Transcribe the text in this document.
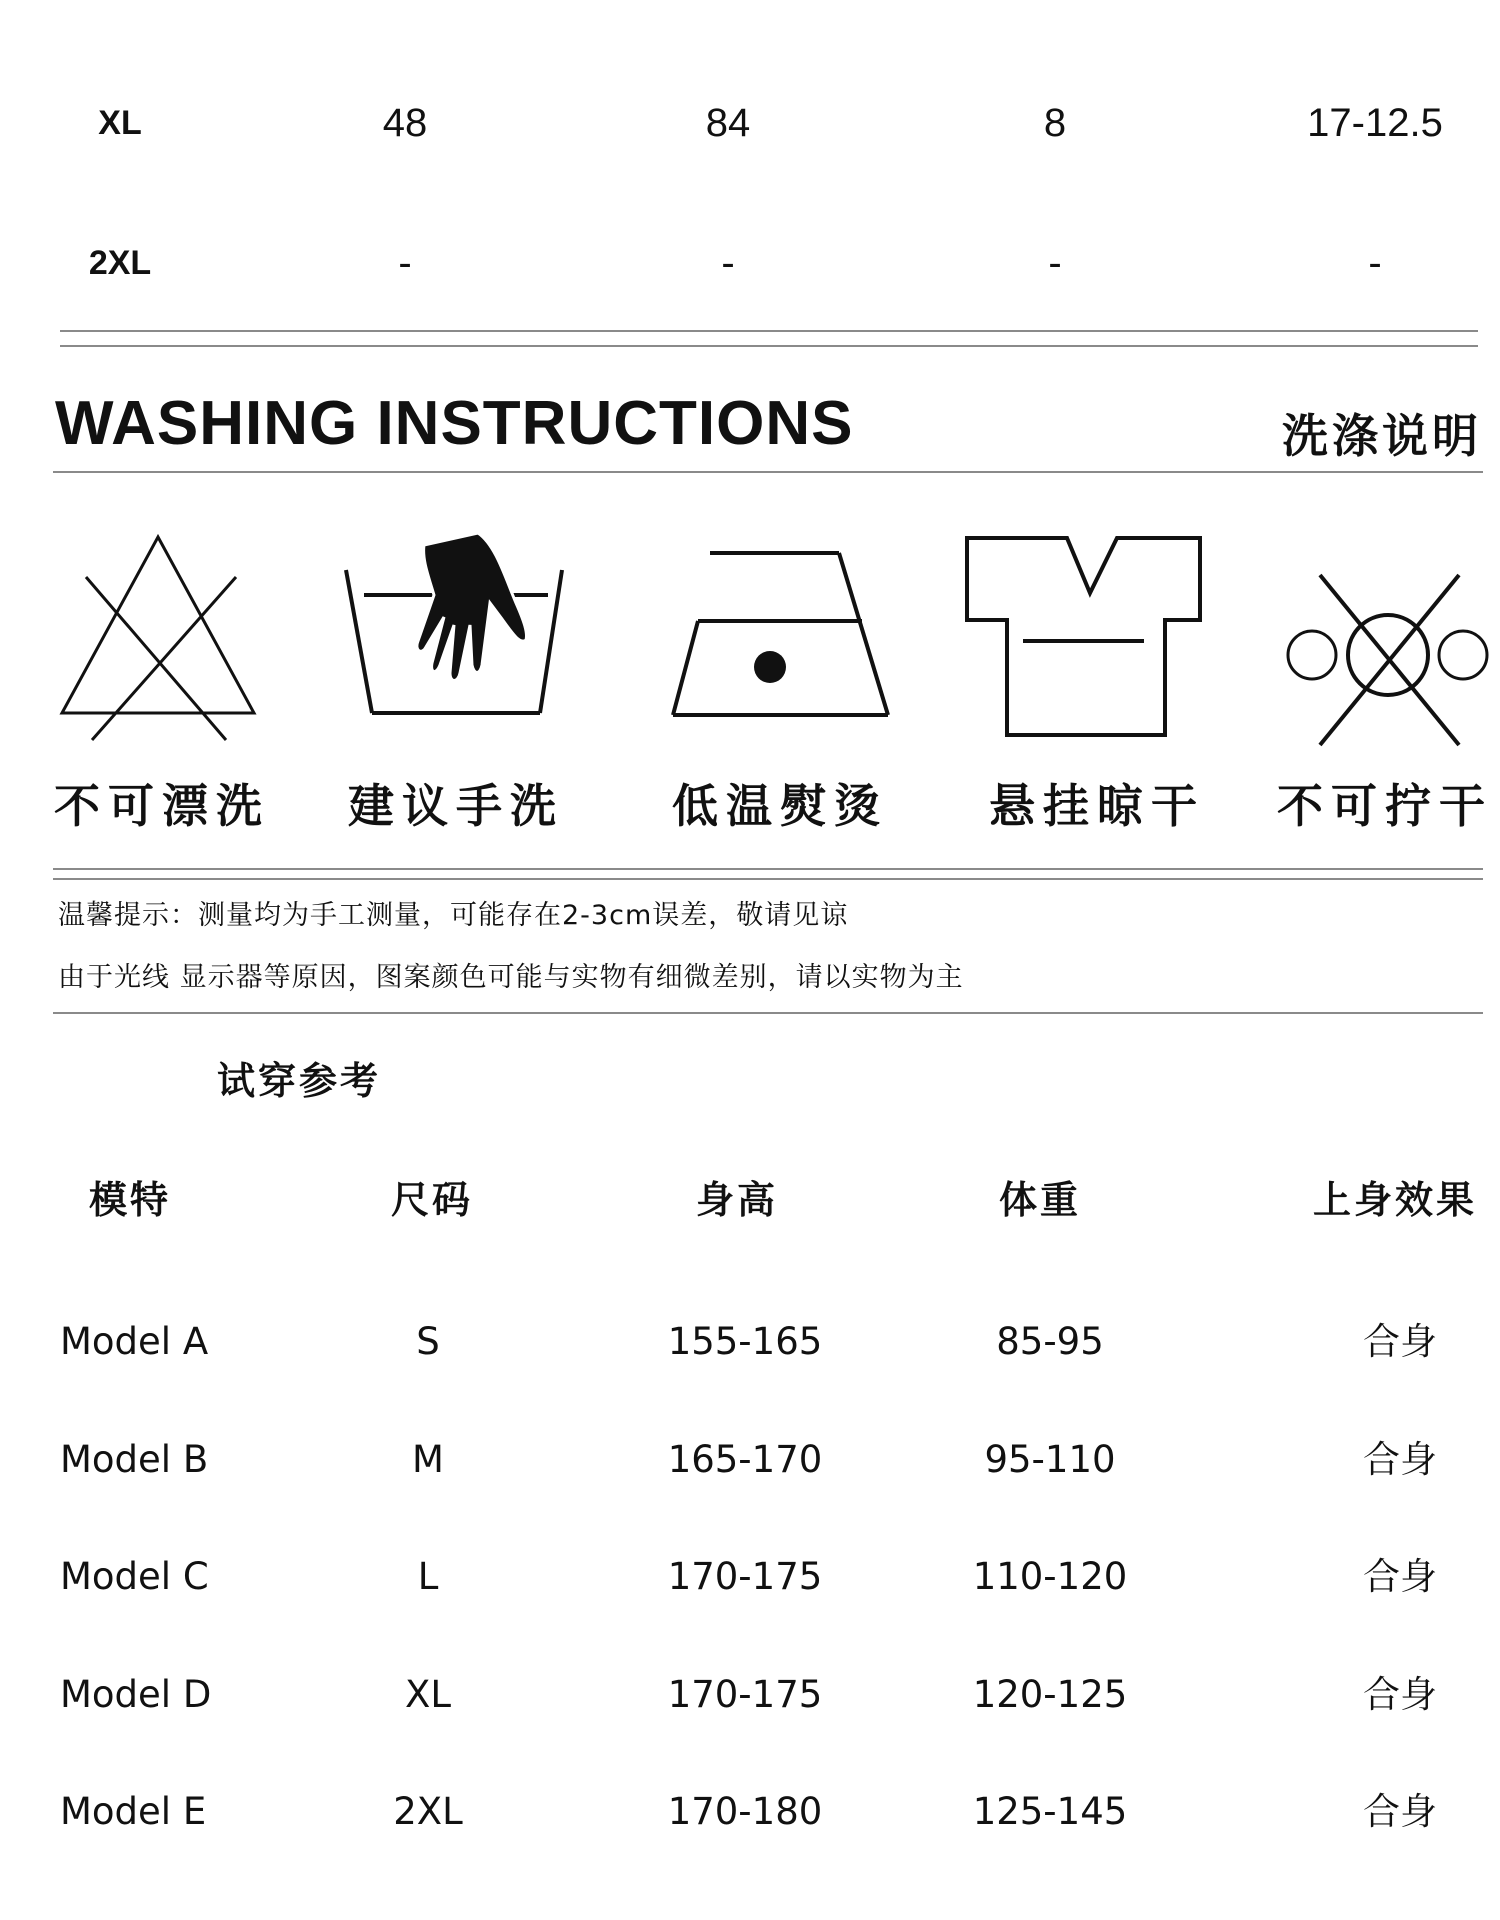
XL	48	84	8	17-12.5
2XL	-	-	-	-
WASHING INSTRUCTIONS	洗涤说明
不可漂洗	建议手洗	低温熨烫	悬挂晾干	不可拧干
温馨提示：测量均为手工测量，可能存在2-3cm误差，敬请见谅
由于光线 显示器等原因，图案颜色可能与实物有细微差别，请以实物为主
试穿参考
模特	尺码	身高	体重	上身效果
Model A	S	155-165	85-95	合身
Model B	M	165-170	95-110	合身
Model C	L	170-175	110-120	合身
Model D	XL	170-175	120-125	合身
Model E	2XL	170-180	125-145	合身
